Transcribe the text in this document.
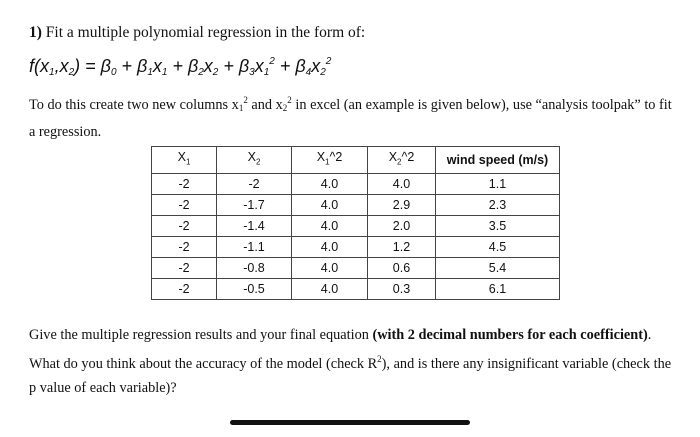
1) Fit a multiple polynomial regression in the form of:
$f(x_1,x_2) = \beta_0 + \beta_1x_1 + \beta_2x_2 + \beta_3x_1^2 + \beta_4x_2^2$
To do this create two new columns $x_1^2$ and $x_2^2$ in excel (an example is given below), use “analysis toolpak” to fit a regression.
$X_1$	$X_2$	$X_1\^{}2$	$X_2\^{}2$	wind speed (m/s)
-2	-2	4.0	4.0	1.1
-2	-1.7	4.0	2.9	2.3
-2	-1.4	4.0	2.0	3.5
-2	-1.1	4.0	1.2	4.5
-2	-0.8	4.0	0.6	5.4
-2	-0.5	4.0	0.3	6.1
Give the multiple regression results and your final equation (with 2 decimal numbers for each coefficient). What do you think about the accuracy of the model (check $R^2$), and is there any insignificant variable (check the p value of each variable)?
